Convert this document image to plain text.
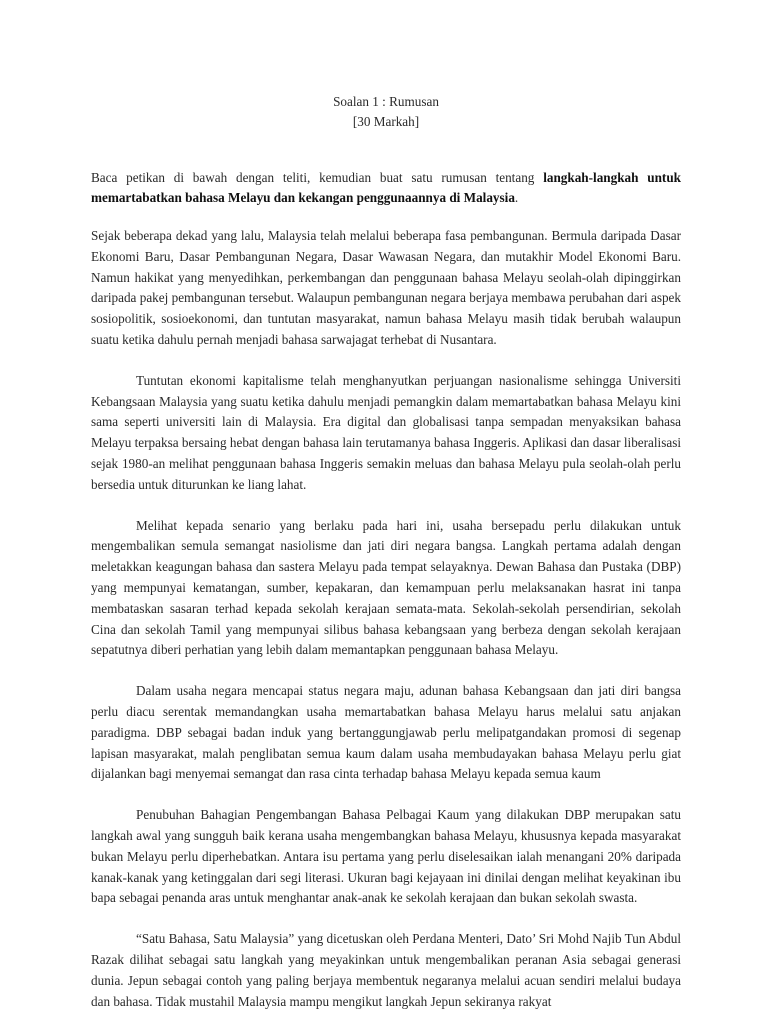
Soalan 1 : Rumusan

[30 Markah]

Baca petikan di bawah dengan teliti, kemudian buat satu rumusan tentang langkah-langkah untuk memartabatkan bahasa Melayu dan kekangan penggunaannya di Malaysia.

Sejak beberapa dekad yang lalu, Malaysia telah melalui beberapa fasa pembangunan. Bermula daripada Dasar Ekonomi Baru, Dasar Pembangunan Negara, Dasar Wawasan Negara, dan mutakhir Model Ekonomi Baru. Namun hakikat yang menyedihkan, perkembangan dan penggunaan bahasa Melayu seolah-olah dipinggirkan daripada pakej pembangunan tersebut. Walaupun pembangunan negara berjaya membawa perubahan dari aspek sosiopolitik, sosioekonomi, dan tuntutan masyarakat, namun bahasa Melayu masih tidak berubah walaupun suatu ketika dahulu pernah menjadi bahasa sarwajagat terhebat di Nusantara.

Tuntutan ekonomi kapitalisme telah menghanyutkan perjuangan nasionalisme sehingga Universiti Kebangsaan Malaysia yang suatu ketika dahulu menjadi pemangkin dalam memartabatkan bahasa Melayu kini sama seperti universiti lain di Malaysia. Era digital dan globalisasi tanpa sempadan menyaksikan bahasa Melayu terpaksa bersaing hebat dengan bahasa lain terutamanya bahasa Inggeris. Aplikasi dan dasar liberalisasi sejak 1980-an melihat penggunaan bahasa Inggeris semakin meluas dan bahasa Melayu pula seolah-olah perlu bersedia untuk diturunkan ke liang lahat.

Melihat kepada senario yang berlaku pada hari ini, usaha bersepadu perlu dilakukan untuk mengembalikan semula semangat nasiolisme dan jati diri negara bangsa. Langkah pertama adalah dengan meletakkan keagungan bahasa dan sastera Melayu pada tempat selayaknya. Dewan Bahasa dan Pustaka (DBP) yang mempunyai kematangan, sumber, kepakaran, dan kemampuan perlu melaksanakan hasrat ini tanpa membataskan sasaran terhad kepada sekolah kerajaan semata-mata. Sekolah-sekolah persendirian, sekolah Cina dan sekolah Tamil yang mempunyai silibus bahasa kebangsaan yang berbeza dengan sekolah kerajaan sepatutnya diberi perhatian yang lebih dalam memantapkan penggunaan bahasa Melayu.

Dalam usaha negara mencapai status negara maju, adunan bahasa Kebangsaan dan jati diri bangsa perlu diacu serentak memandangkan usaha memartabatkan bahasa Melayu harus melalui satu anjakan paradigma. DBP sebagai badan induk yang bertanggungjawab perlu melipatgandakan promosi di segenap lapisan masyarakat, malah penglibatan semua kaum dalam usaha membudayakan bahasa Melayu perlu giat dijalankan bagi menyemai semangat dan rasa cinta terhadap bahasa Melayu kepada semua kaum

Penubuhan Bahagian Pengembangan Bahasa Pelbagai Kaum yang dilakukan DBP merupakan satu langkah awal yang sungguh baik kerana usaha mengembangkan bahasa Melayu, khususnya kepada masyarakat bukan Melayu perlu diperhebatkan. Antara isu pertama yang perlu diselesaikan ialah menangani 20% daripada kanak-kanak yang ketinggalan dari segi literasi. Ukuran bagi kejayaan ini dinilai dengan melihat keyakinan ibu bapa sebagai penanda aras untuk menghantar anak-anak ke sekolah kerajaan dan bukan sekolah swasta.

“Satu Bahasa, Satu Malaysia” yang dicetuskan oleh Perdana Menteri, Dato’ Sri Mohd Najib Tun Abdul Razak dilihat sebagai satu langkah yang meyakinkan untuk mengembalikan peranan Asia sebagai generasi dunia. Jepun sebagai contoh yang paling berjaya membentuk negaranya melalui acuan sendiri melalui budaya dan bahasa. Tidak mustahil Malaysia mampu mengikut langkah Jepun sekiranya rakyat
